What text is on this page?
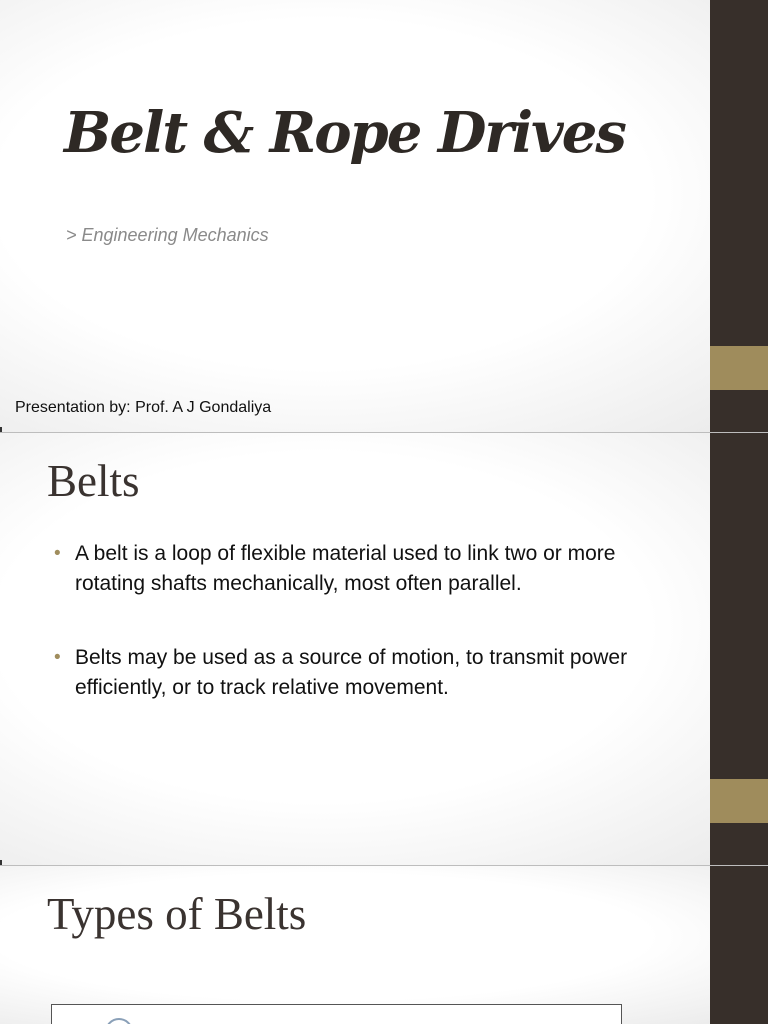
Belt & Rope Drives
> Engineering Mechanics
Presentation by: Prof. A J Gondaliya
Belts
• A belt is a loop of flexible material used to link two or more rotating shafts mechanically, most often parallel.
• Belts may be used as a source of motion, to transmit power efficiently, or to track relative movement.
Types of Belts
